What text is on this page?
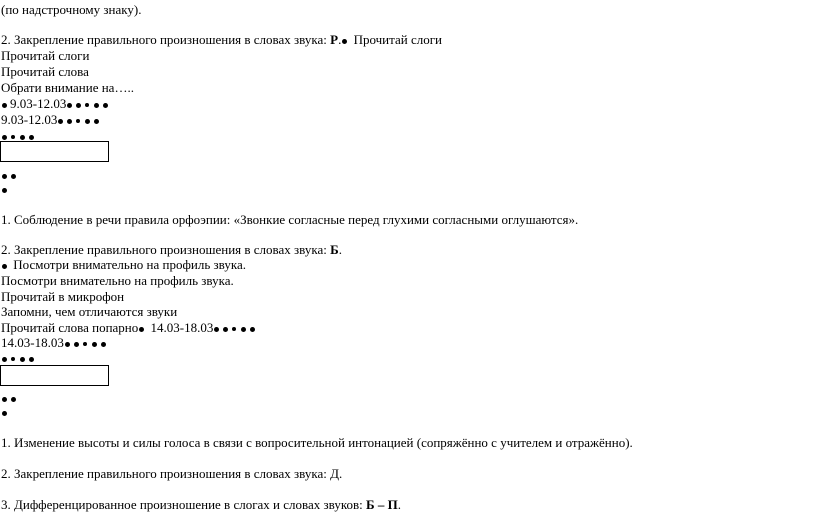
(по надстрочному знаку).
2. Закрепление правильного произношения в словах звука: Р. Прочитай слоги
Прочитай слоги
Прочитай слова
Обрати внимание на…..
9.03-12.03
9.03-12.03
1. Соблюдение в речи правила орфоэпии: «Звонкие согласные перед глухими согласными оглушаются».
2. Закрепление правильного произношения в словах звука: Б.
Посмотри внимательно на профиль звука.
Посмотри внимательно на профиль звука.
Прочитай в микрофон
Запомни, чем отличаются звуки
Прочитай слова попарно 14.03-18.03
14.03-18.03
1. Изменение высоты и силы голоса в связи с вопросительной интонацией (сопряжённо с учителем и отражённо).
2. Закрепление правильного произношения в словах звука: Д.
3. Дифференцированное произношение в слогах и словах звуков: Б – П.
